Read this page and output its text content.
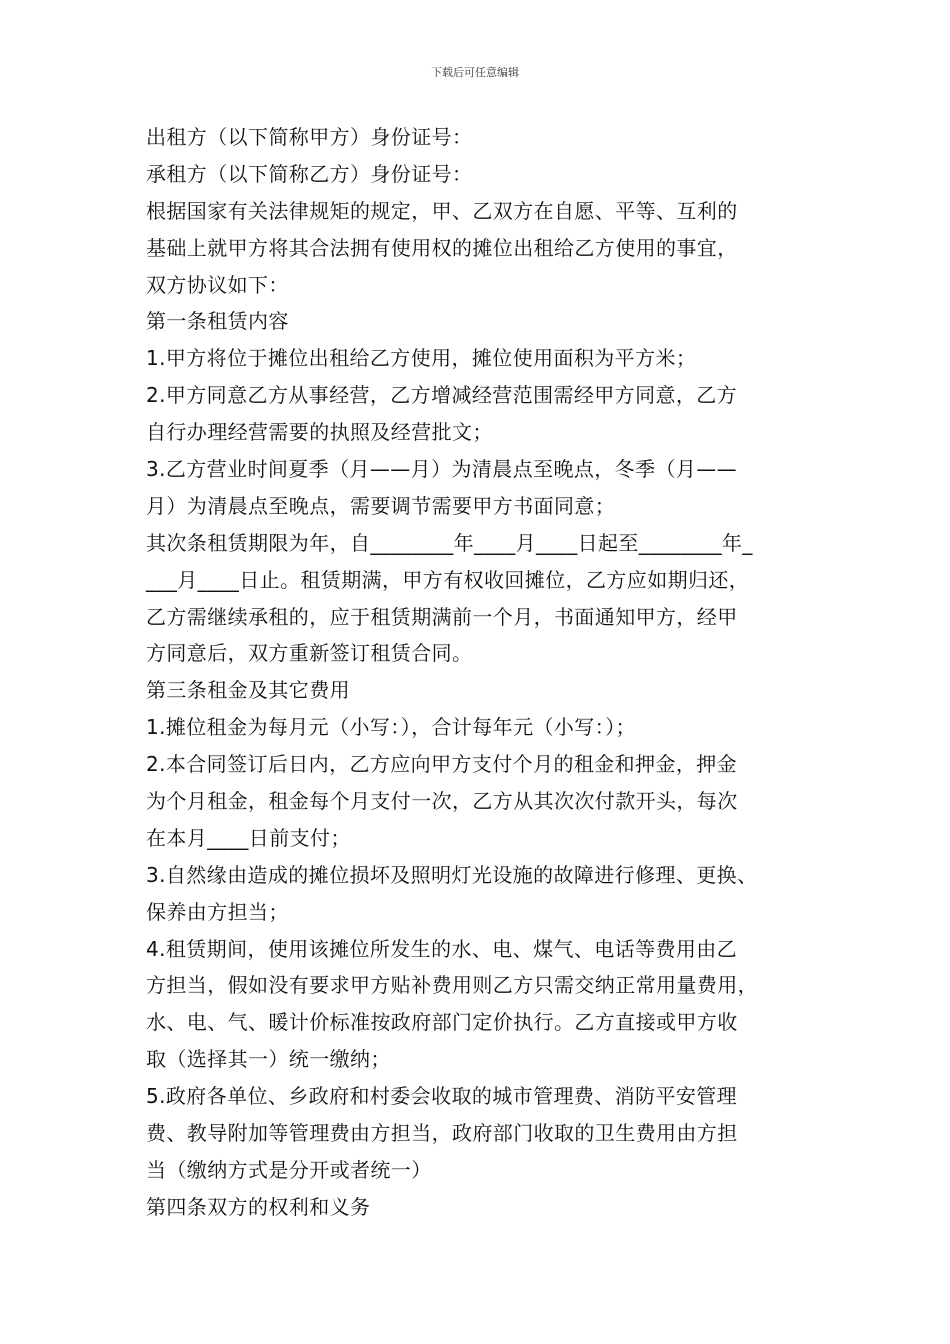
下载后可任意编辑
出租方（以下简称甲方）身份证号：
承租方（以下简称乙方）身份证号：
根据国家有关法律规矩的规定，甲、乙双方在自愿、平等、互利的
基础上就甲方将其合法拥有使用权的摊位出租给乙方使用的事宜，
双方协议如下：
第一条租赁内容
1.甲方将位于摊位出租给乙方使用，摊位使用面积为平方米；
2.甲方同意乙方从事经营，乙方增减经营范围需经甲方同意，乙方
自行办理经营需要的执照及经营批文；
3.乙方营业时间夏季（月——月）为清晨点至晚点，冬季（月——
月）为清晨点至晚点，需要调节需要甲方书面同意；
其次条租赁期限为年，自________年____月____日起至________年_
___月____日止。租赁期满，甲方有权收回摊位，乙方应如期归还，
乙方需继续承租的，应于租赁期满前一个月，书面通知甲方，经甲
方同意后，双方重新签订租赁合同。
第三条租金及其它费用
1.摊位租金为每月元（小写：），合计每年元（小写：）；
2.本合同签订后日内，乙方应向甲方支付个月的租金和押金，押金
为个月租金，租金每个月支付一次，乙方从其次次付款开头，每次
在本月____日前支付；
3.自然缘由造成的摊位损坏及照明灯光设施的故障进行修理、更换、
保养由方担当；
4.租赁期间，使用该摊位所发生的水、电、煤气、电话等费用由乙
方担当，假如没有要求甲方贴补费用则乙方只需交纳正常用量费用，
水、电、气、暖计价标准按政府部门定价执行。乙方直接或甲方收
取（选择其一）统一缴纳；
5.政府各单位、乡政府和村委会收取的城市管理费、消防平安管理
费、教导附加等管理费由方担当，政府部门收取的卫生费用由方担
当（缴纳方式是分开或者统一）
第四条双方的权利和义务
